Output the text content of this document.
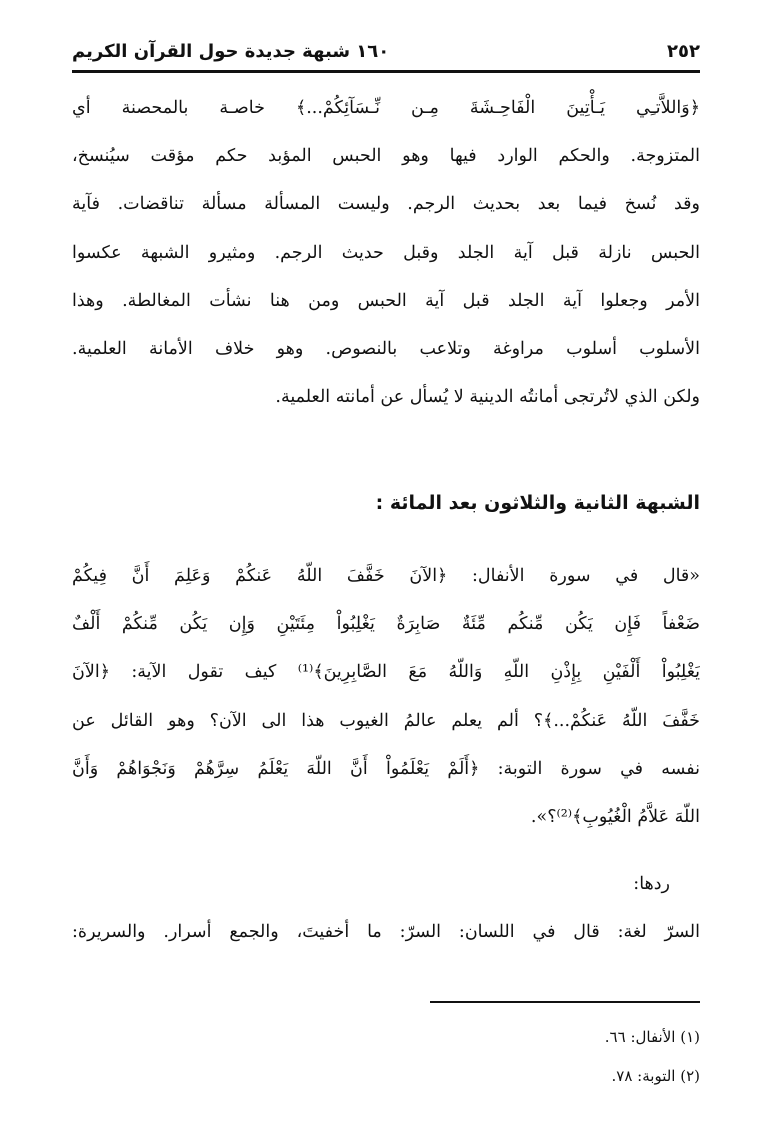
٢٥٢
١٦٠ شبهة جديدة حول القرآن الكريم

﴿وَاللاَّتـِي يَـأْتِينَ الْفَاحِـشَةَ مِـن نِّـسَآئِكُمْ...﴾ خاصـة بالمحصنة أي
المتزوجة. والحكم الوارد فيها وهو الحبس المؤبد حكم مؤقت سيُنسخ،
وقد نُسخ فيما بعد بحديث الرجم. وليست المسألة مسألة تناقضات. فآية
الحبس نازلة قبل آية الجلد وقبل حديث الرجم. ومثيرو الشبهة عكسوا
الأمر وجعلوا آية الجلد قبل آية الحبس ومن هنا نشأت المغالطة. وهذا
الأسلوب أسلوب مراوغة وتلاعب بالنصوص. وهو خلاف الأمانة العلمية.
ولكن الذي لاتُرتجى أمانتُه الدينية لا يُسأل عن أمانته العلمية.

الشبهة الثانية والثلاثون بعد المائة :

«قال في سورة الأنفال: ﴿الآنَ خَفَّفَ اللّهُ عَنكُمْ وَعَلِمَ أَنَّ فِيكُمْ
ضَعْفاً فَإِن يَكُن مِّنكُم مِّئَةٌ صَابِرَةٌ يَغْلِبُواْ مِئَتَيْنِ وَإِن يَكُن مِّنكُمْ أَلْفٌ
يَغْلِبُواْ أَلْفَيْنِ بِإِذْنِ اللّهِ وَاللّهُ مَعَ الصَّابِرِينَ﴾⁽¹⁾ كيف تقول الآية: ﴿الآنَ
خَفَّفَ اللّهُ عَنكُمْ...﴾؟ ألم يعلم عالمُ الغيوب هذا الى الآن؟ وهو القائل عن
نفسه في سورة التوبة: ﴿أَلَمْ يَعْلَمُواْ أَنَّ اللّهَ يَعْلَمُ سِرَّهُمْ وَنَجْوَاهُمْ وَأَنَّ
اللّهَ عَلاَّمُ الْغُيُوبِ﴾⁽²⁾؟».

ردها:

السرّ لغة: قال في اللسان: السرّ: ما أخفيتَ، والجمع أسرار. والسريرة:

(١) الأنفال: ٦٦.
(٢) التوبة: ٧٨.
